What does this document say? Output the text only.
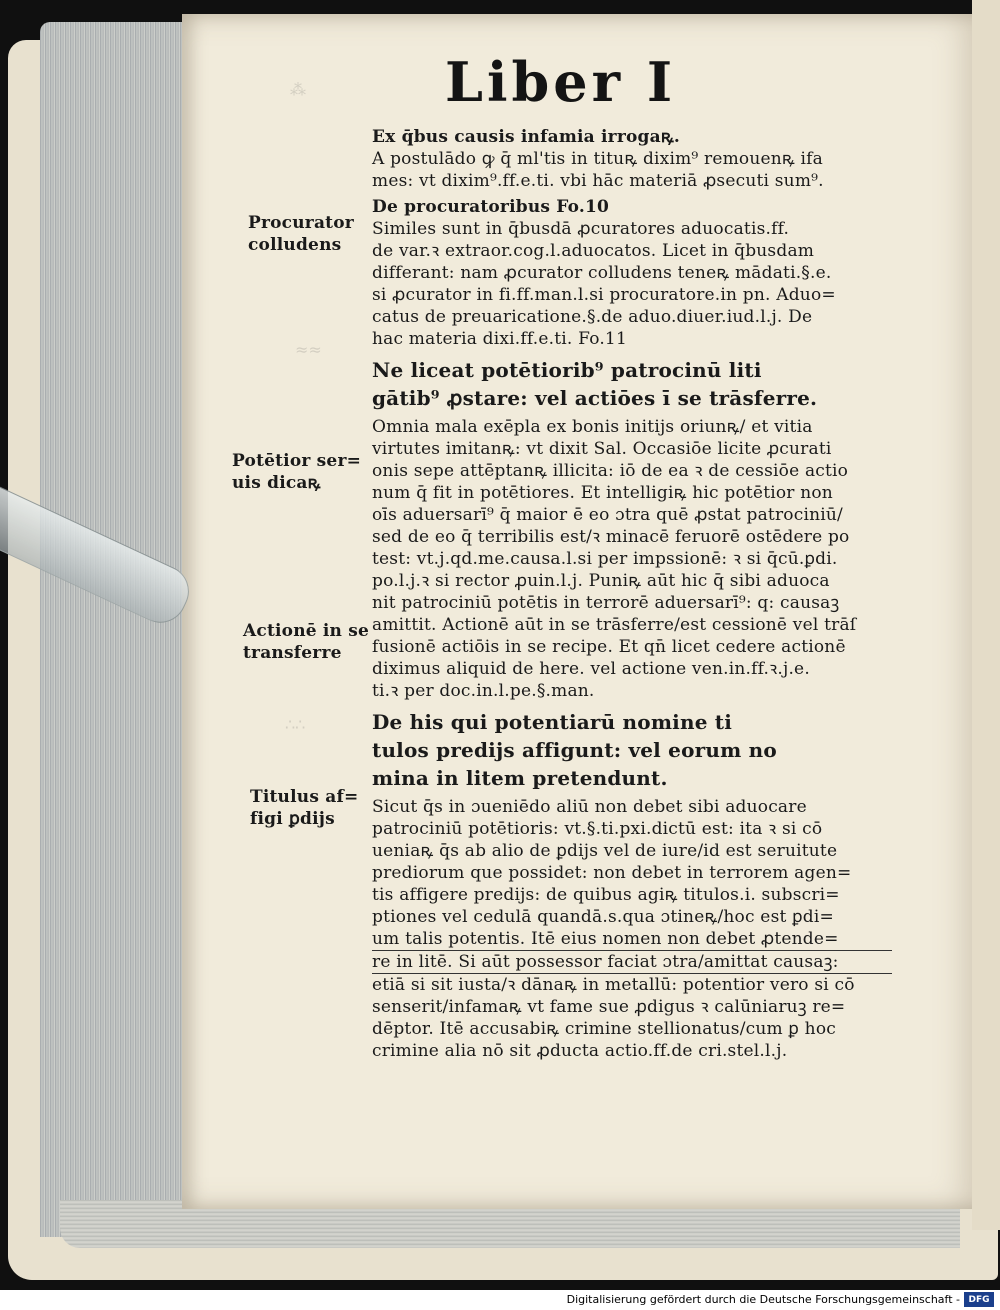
Liber I
⁂
≈≈
∴∴
Ex q̄bus causis infamia irrogaꝶ.
A postulādo ꝙ q̄ ml'tis in tituꝶ dixim⁹ remouenꝶ ifa
mes: vt dixim⁹.ff.e.ti. vbi hāc materiā ꝓsecuti sum⁹.
De procuratoribus Fo.10
Similes sunt in q̄busdā ꝓcuratores aduocatis.ff.
de var.ꝛ extraor.cog.l.aduocatos. Licet in q̄busdam
differant: nam ꝓcurator colludens teneꝶ mādati.§.e.
si ꝓcurator in fi.ff.man.l.si procuratore.in pn. Aduo=
catus de preuaricatione.§.de aduo.diuer.iud.l.j. De
hac materia dixi.ff.e.ti. Fo.11
Ne liceat potētiorib⁹ patrocinū liti
gātib⁹ ꝓstare: vel actiōes ī se trāsferre.
Omnia mala exēpla ex bonis initijs oriunꝶ/ et vitia
virtutes imitanꝶ: vt dixit Sal. Occasiōe licite ꝓcurati
onis sepe attēptanꝶ illicita: iō de ea ꝛ de cessiōe actio
num q̄ fit in potētiores. Et intelligiꝶ hic potētior non
oīs aduersarī⁹ q̄ maior ē eo ɔtra quē ꝓstat patrociniū/
sed de eo q̄ terribilis est/ꝛ minacē feruorē ostēdere po
test: vt.j.qd.me.causa.l.si per impssionē: ꝛ si q̄cū.ꝑdi.
po.l.j.ꝛ si rector ꝓuin.l.j. Puniꝶ aūt hic q̄ sibi aduoca
nit patrociniū potētis in terrorē aduersarī⁹: q: causaꝫ
amittit. Actionē aūt in se trāsferre/est cessionē vel trāſ
fusionē actiōis in se recipe. Et qn̄ licet cedere actionē
diximus aliquid de here. vel actione ven.in.ff.ꝛ.j.e.
ti.ꝛ per doc.in.l.pe.§.man.
De his qui potentiarū nomine ti
tulos predijs affigunt: vel eorum no
mina in litem pretendunt.
Sicut q̄s in ɔueniēdo aliū non debet sibi aduocare
patrociniū potētioris: vt.§.ti.pxi.dictū est: ita ꝛ si cō
ueniaꝶ q̄s ab alio de ꝑdijs vel de iure/id est seruitute
prediorum que possidet: non debet in terrorem agen=
tis affigere predijs: de quibus agiꝶ titulos.i. subscri=
ptiones vel cedulā quandā.s.qua ɔtineꝶ/hoc est ꝑdi=
um talis potentis. Itē eius nomen non debet ꝓtende=
re in litē. Si aūt possessor faciat ɔtra/amittat causaꝫ:
etiā si sit iusta/ꝛ dānaꝶ in metallū: potentior vero si cō
senserit/infamaꝶ vt fame sue ꝓdigus ꝛ calūniaruꝫ re=
dēptor. Itē accusabiꝶ crimine stellionatus/cum ꝑ hoc
crimine alia nō sit ꝓducta actio.ff.de cri.stel.l.j.
Procurator
colludens
Potētior ser=
uis dicaꝶ
Actionē in se
transferre
Titulus af=
figi ꝑdijs
Digitalisierung gefördert durch die Deutsche Forschungsgemeinschaft - DFG
